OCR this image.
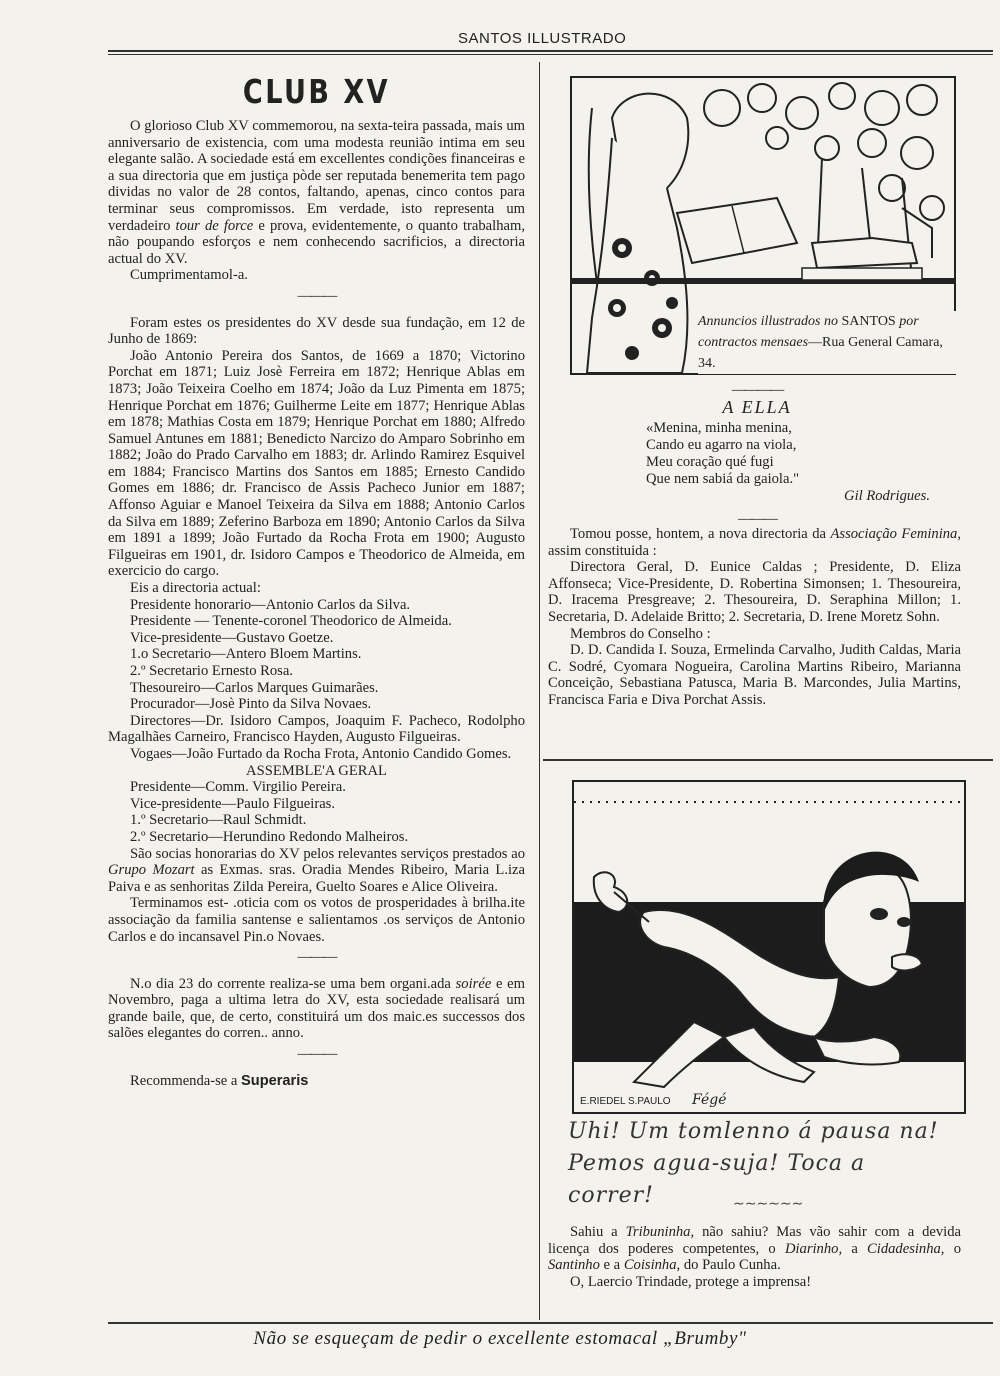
SANTOS ILLUSTRADO
CLUB XV

O glorioso Club XV commemorou, na sexta-teira passada, mais um anniversario de existencia, com uma modesta reunião intima em seu elegante salão. A sociedade está em excellentes condições financeiras e a sua directoria que em justiça pòde ser reputada benemerita tem pago dividas no valor de 28 contos, faltando, apenas, cinco contos para terminar seus compromissos. Em verdade, isto representa um verdadeiro tour de force e prova, evidentemente, o quanto trabalham, não poupando esforços e nem conhecendo sacrificios, a directoria actual do XV.

Cumprimentamol-a.

———

Foram estes os presidentes do XV desde sua fundação, em 12 de Junho de 1869:

João Antonio Pereira dos Santos, de 1669 a 1870; Victorino Porchat em 1871; Luiz Josè Ferreira em 1872; Henrique Ablas em 1873; João Teixeira Coelho em 1874; João da Luz Pimenta em 1875; Henrique Porchat em 1876; Guilherme Leite em 1877; Henrique Ablas em 1878; Mathias Costa em 1879; Henrique Porchat em 1880; Alfredo Samuel Antunes em 1881; Benedicto Narcizo do Amparo Sobrinho em 1882; João do Prado Carvalho em 1883; dr. Arlindo Ramirez Esquivel em 1884; Francisco Martins dos Santos em 1885; Ernesto Candido Gomes em 1886; dr. Francisco de Assis Pacheco Junior em 1887; Affonso Aguiar e Manoel Teixeira da Silva em 1888; Antonio Carlos da Silva em 1889; Zeferino Barboza em 1890; Antonio Carlos da Silva em 1891 a 1899; João Furtado da Rocha Frota em 1900; Augusto Filgueiras em 1901, dr. Isidoro Campos e Theodorico de Almeida, em exercicio do cargo.

Eis a directoria actual:

Presidente honorario—Antonio Carlos da Silva.

Presidente — Tenente-coronel Theodorico de Almeida.

Vice-presidente—Gustavo Goetze.

1.o Secretario—Antero Bloem Martins.

2.º Secretario Ernesto Rosa.

Thesoureiro—Carlos Marques Guimarães.

Procurador—Josè Pinto da Silva Novaes.

Directores—Dr. Isidoro Campos, Joaquim F. Pacheco, Rodolpho Magalhães Carneiro, Francisco Hayden, Augusto Filgueiras.

Vogaes—João Furtado da Rocha Frota, Antonio Candido Gomes.

ASSEMBLE'A GERAL

Presidente—Comm. Virgilio Pereira.

Vice-presidente—Paulo Filgueiras.

1.º Secretario—Raul Schmidt.

2.º Secretario—Herundino Redondo Malheiros.

São socias honorarias do XV pelos relevantes serviços prestados ao Grupo Mozart as Exmas. sras. Oradia Mendes Ribeiro, Maria L.iza Paiva e as senhoritas Zilda Pereira, Guelto Soares e Alice Oliveira.

Terminamos est- .oticia com os votos de prosperidades à brilha.ite associação da familia santense e salientamos .os serviços de Antonio Carlos e do incansavel Pin.o Novaes.

———

N.o dia 23 do corrente realiza-se uma bem organi.ada soirée e em Novembro, paga a ultima letra do XV, esta sociedade realisará um grande baile, que, de certo, constituirá um dos maic.es successos dos salões elegantes do corren.. anno.

———

Recommenda-se a Superaris

Annuncios illustrados no SANTOS por contractos mensaes—Rua General Camara, 34.
————
A ELLA
«Menina, minha menina,
Cando eu agarro na viola,
Meu coração qué fugi
Que nem sabiá da gaiola."
Gil Rodrigues.
———

Tomou posse, hontem, a nova directoria da Associação Feminina, assim constituida :

Directora Geral, D. Eunice Caldas ; Presidente, D. Eliza Affonseca; Vice-Presidente, D. Robertina Simonsen; 1. Thesoureira, D. Iracema Presgreave; 2. Thesoureira, D. Seraphina Millon; 1. Secretaria, D. Adelaide Britto; 2. Secretaria, D. Irene Moretz Sohn.

Membros do Conselho :

D. D. Candida I. Souza, Ermelinda Carvalho, Judith Caldas, Maria C. Sodré, Cyomara Nogueira, Carolina Martins Ribeiro, Marianna Conceição, Sebastiana Patusca, Maria B. Marcondes, Julia Martins, Francisca Faria e Diva Porchat Assis.

E.RIEDEL S.PAULO Fégé
Uhi! Um tomlenno á pausa na! Pemos agua-suja! Toca a correr!	∼∼∼∼∼∼

Sahiu a Tribuninha, não sahiu? Mas vão sahir com a devida licença dos poderes competentes, o Diarinho, a Cidadesinha, o Santinho e a Coisinha, do Paulo Cunha.

O, Laercio Trindade, protege a imprensa!

Não se esqueçam de pedir o excellente estomacal „Brumby"
